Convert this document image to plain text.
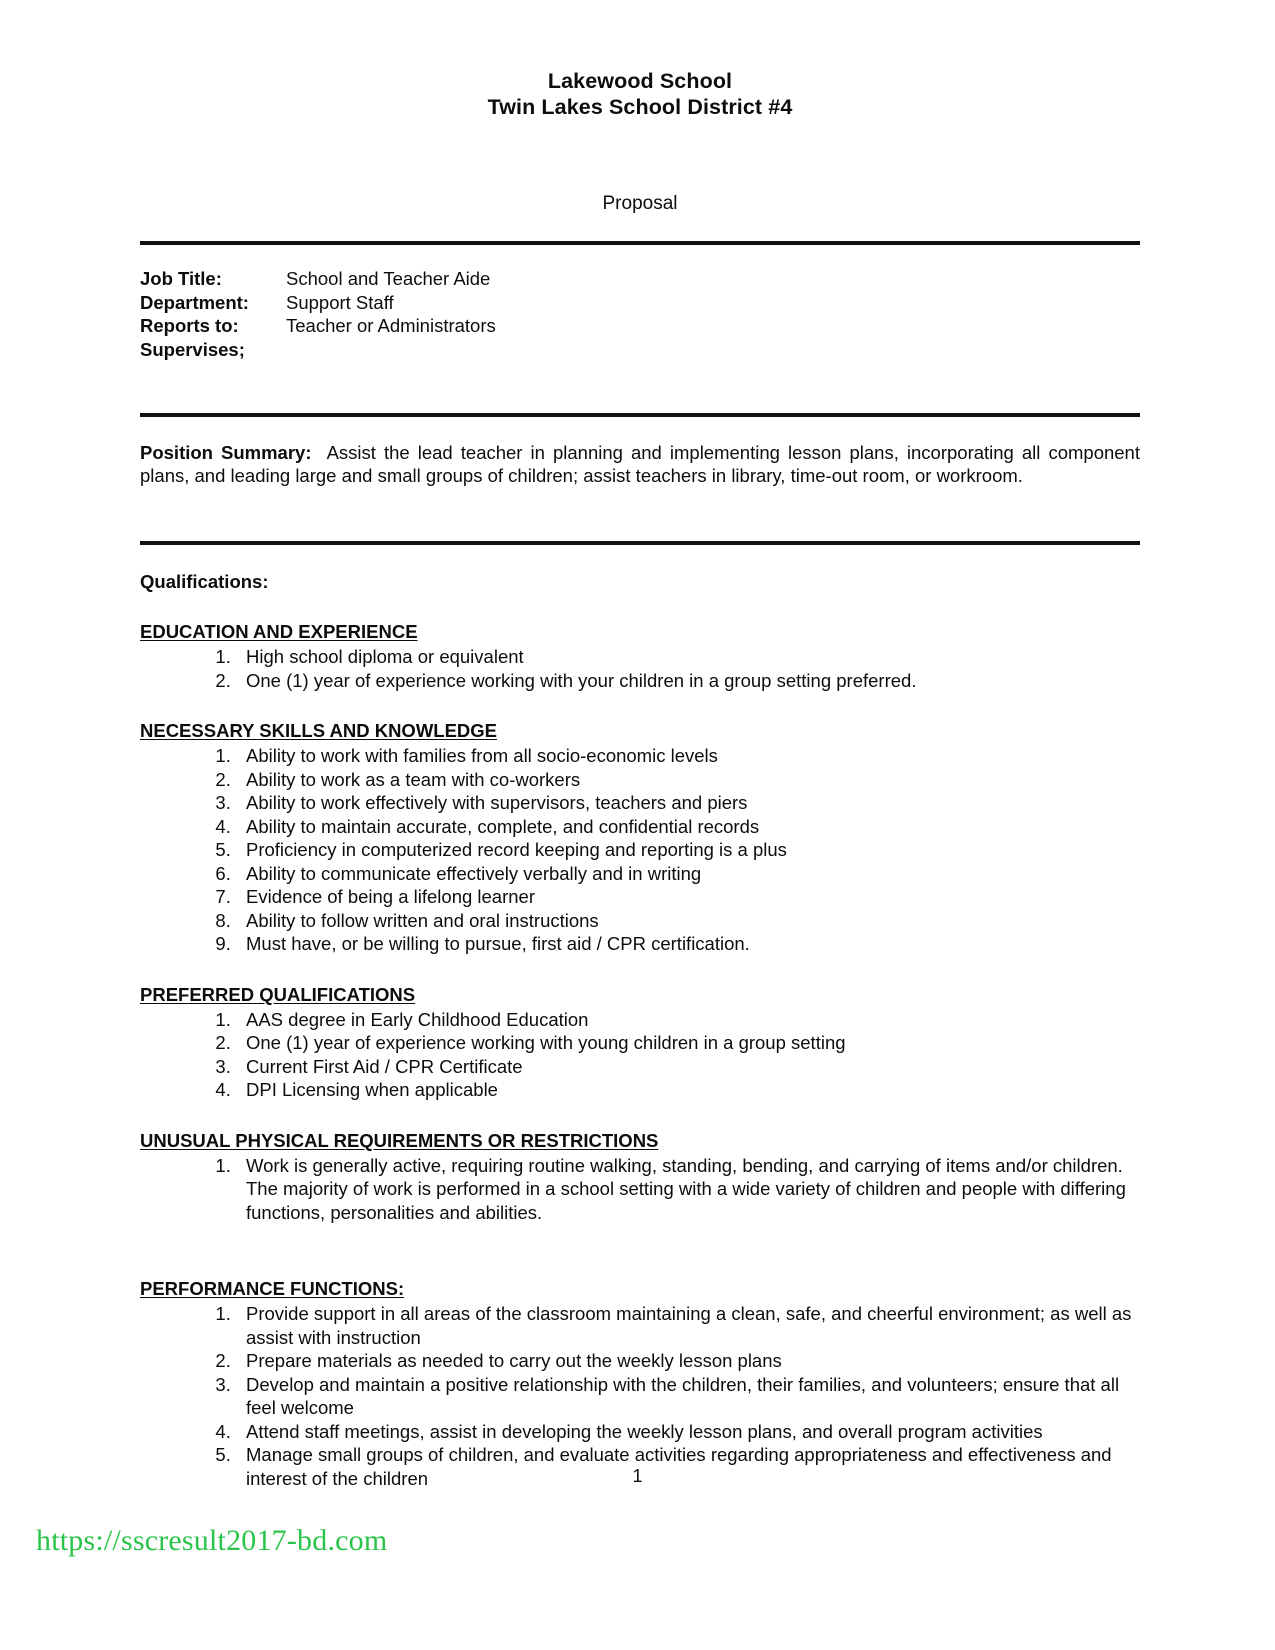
Lakewood School
Twin Lakes School District #4
Proposal
Job Title:	School and Teacher Aide
Department:	Support Staff
Reports to:	Teacher or Administrators
Supervises;
Position Summary: Assist the lead teacher in planning and implementing lesson plans, incorporating all component plans, and leading large and small groups of children; assist teachers in library, time-out room, or workroom.
Qualifications:
EDUCATION AND EXPERIENCE
1. High school diploma or equivalent
2. One (1) year of experience working with your children in a group setting preferred.
NECESSARY SKILLS AND KNOWLEDGE
1. Ability to work with families from all socio-economic levels
2. Ability to work as a team with co-workers
3. Ability to work effectively with supervisors, teachers and piers
4. Ability to maintain accurate, complete, and confidential records
5. Proficiency in computerized record keeping and reporting is a plus
6. Ability to communicate effectively verbally and in writing
7. Evidence of being a lifelong learner
8. Ability to follow written and oral instructions
9. Must have, or be willing to pursue, first aid / CPR certification.
PREFERRED QUALIFICATIONS
1. AAS degree in Early Childhood Education
2. One (1) year of experience working with young children in a group setting
3. Current First Aid / CPR Certificate
4. DPI Licensing when applicable
UNUSUAL PHYSICAL REQUIREMENTS OR RESTRICTIONS
1. Work is generally active, requiring routine walking, standing, bending, and carrying of items and/or children. The majority of work is performed in a school setting with a wide variety of children and people with differing functions, personalities and abilities.
PERFORMANCE FUNCTIONS:
1. Provide support in all areas of the classroom maintaining a clean, safe, and cheerful environment; as well as assist with instruction
2. Prepare materials as needed to carry out the weekly lesson plans
3. Develop and maintain a positive relationship with the children, their families, and volunteers; ensure that all feel welcome
4. Attend staff meetings, assist in developing the weekly lesson plans, and overall program activities
5. Manage small groups of children, and evaluate activities regarding appropriateness and effectiveness and interest of the children	1
https://sscresult2017-bd.com
